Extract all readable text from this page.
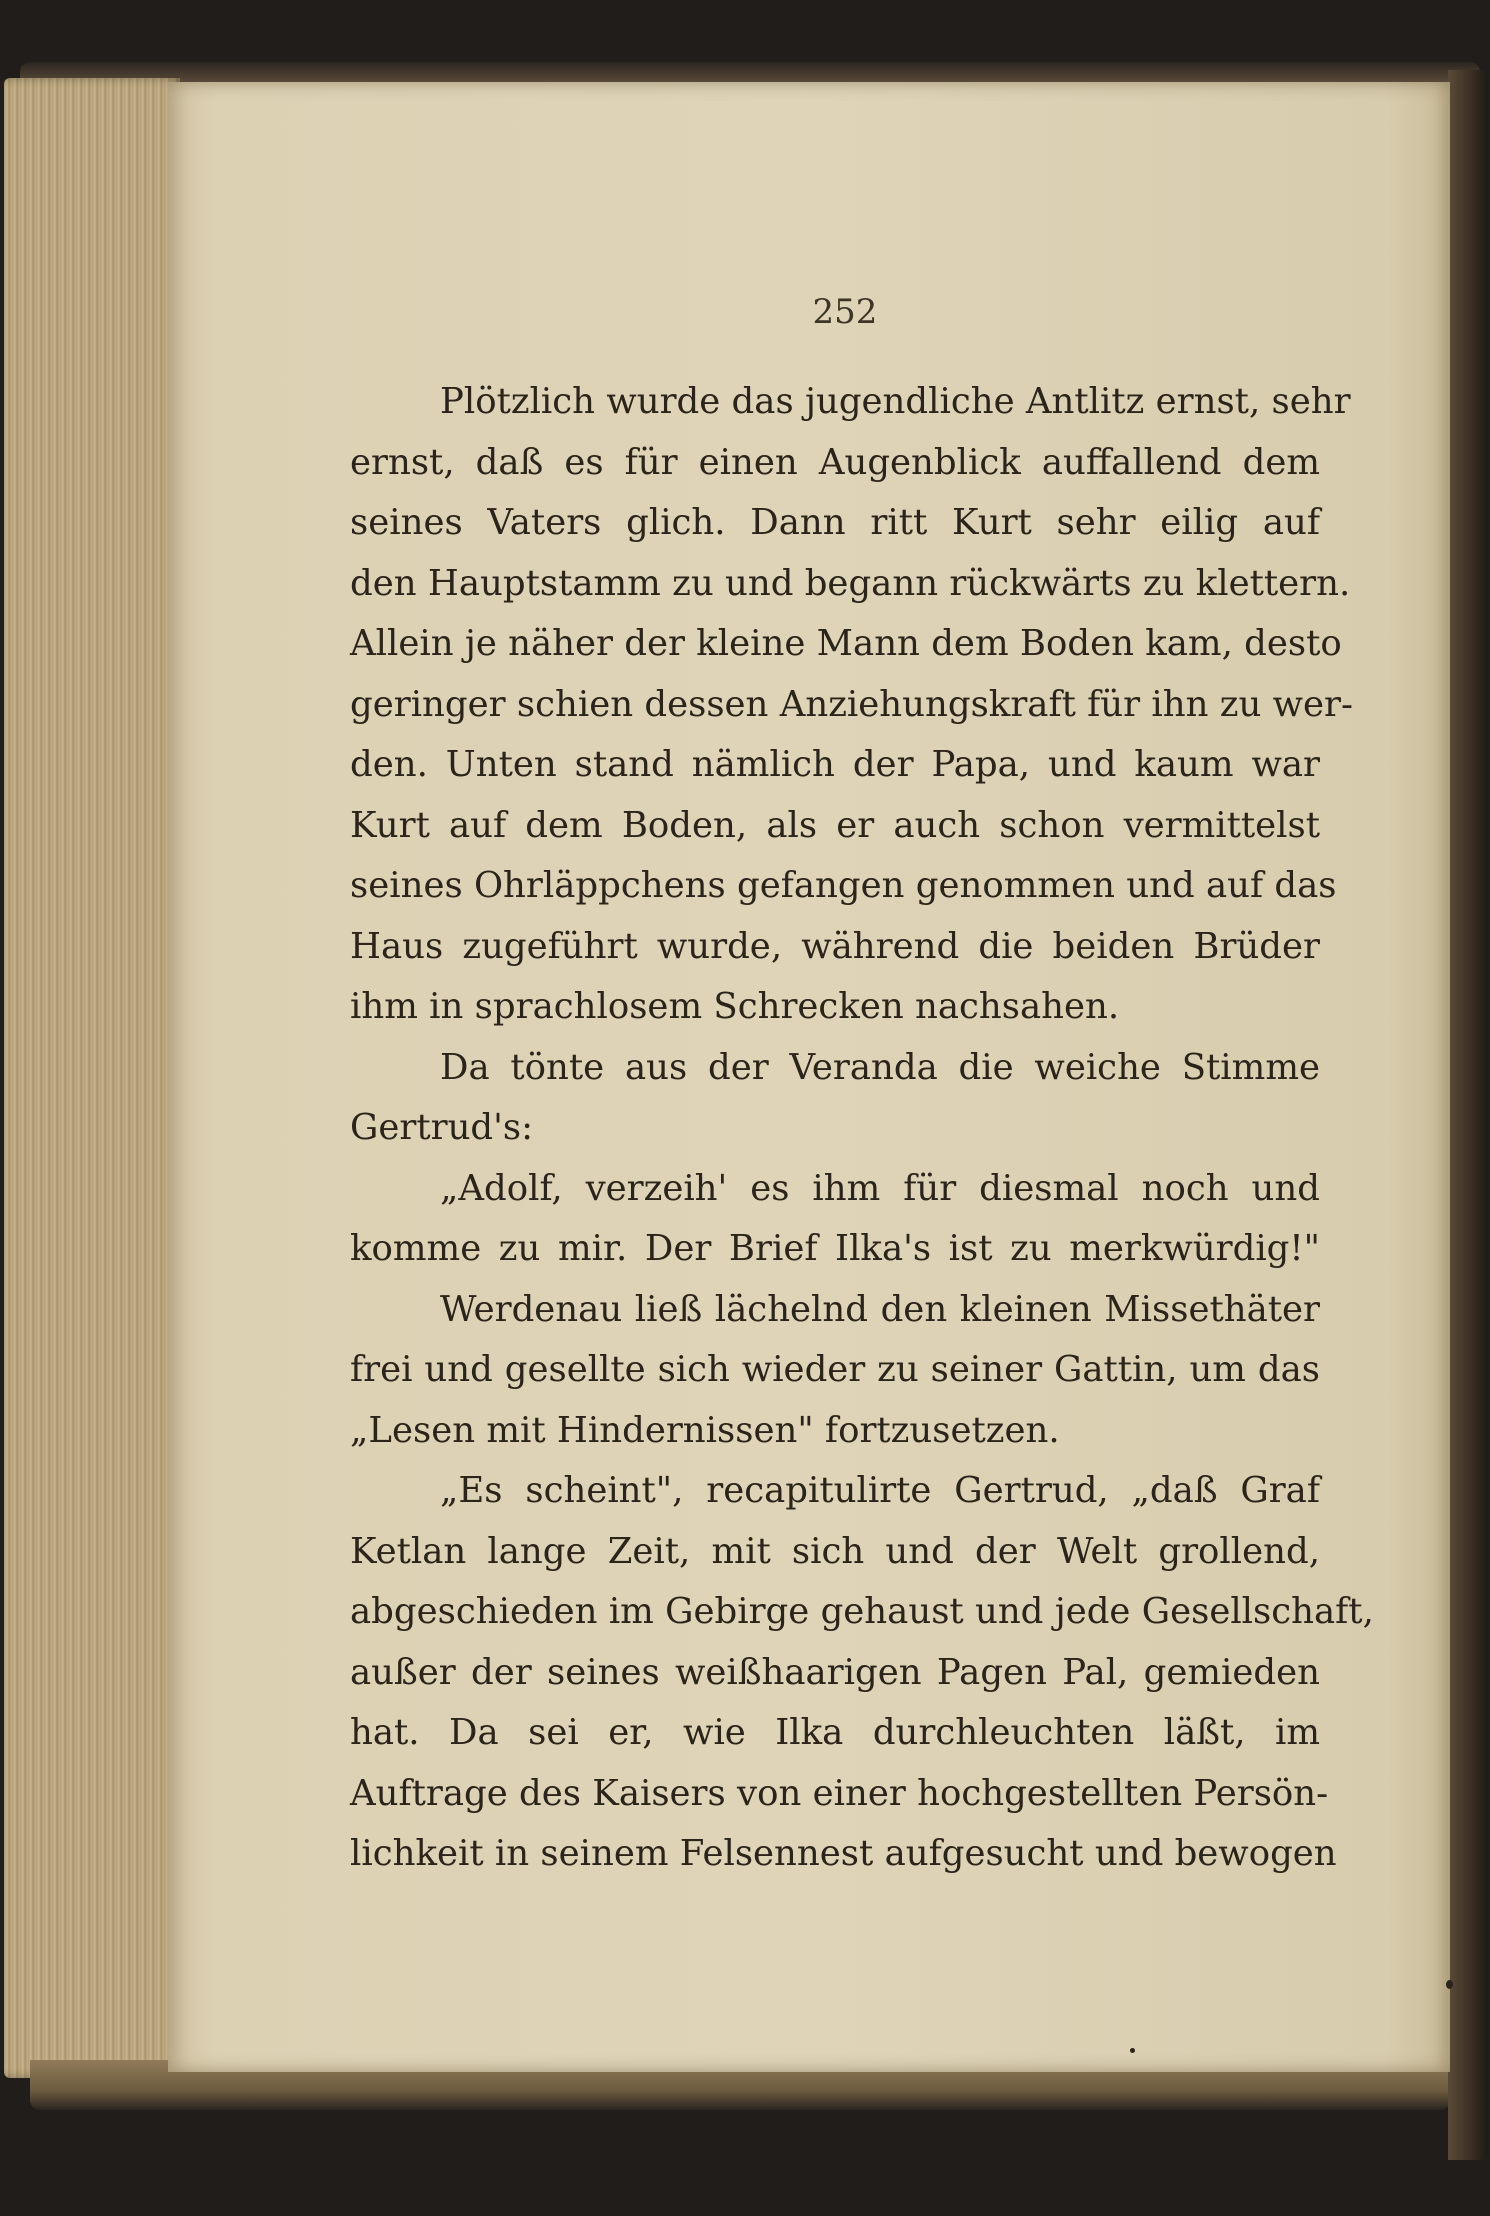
252
Plötzlich wurde das jugendliche Antlitz ernst, sehr
ernst, daß es für einen Augenblick auffallend dem
seines Vaters glich. Dann ritt Kurt sehr eilig auf
den Hauptstamm zu und begann rückwärts zu klettern.
Allein je näher der kleine Mann dem Boden kam, desto
geringer schien dessen Anziehungskraft für ihn zu wer-
den. Unten stand nämlich der Papa, und kaum war
Kurt auf dem Boden, als er auch schon vermittelst
seines Ohrläppchens gefangen genommen und auf das
Haus zugeführt wurde, während die beiden Brüder
ihm in sprachlosem Schrecken nachsahen.
Da tönte aus der Veranda die weiche Stimme
Gertrud's:
„Adolf, verzeih' es ihm für diesmal noch und
komme zu mir. Der Brief Ilka's ist zu merkwürdig!"
Werdenau ließ lächelnd den kleinen Missethäter
frei und gesellte sich wieder zu seiner Gattin, um das
„Lesen mit Hindernissen" fortzusetzen.
„Es scheint", recapitulirte Gertrud, „daß Graf
Ketlan lange Zeit, mit sich und der Welt grollend,
abgeschieden im Gebirge gehaust und jede Gesellschaft,
außer der seines weißhaarigen Pagen Pal, gemieden
hat. Da sei er, wie Ilka durchleuchten läßt, im
Auftrage des Kaisers von einer hochgestellten Persön-
lichkeit in seinem Felsennest aufgesucht und bewogen
